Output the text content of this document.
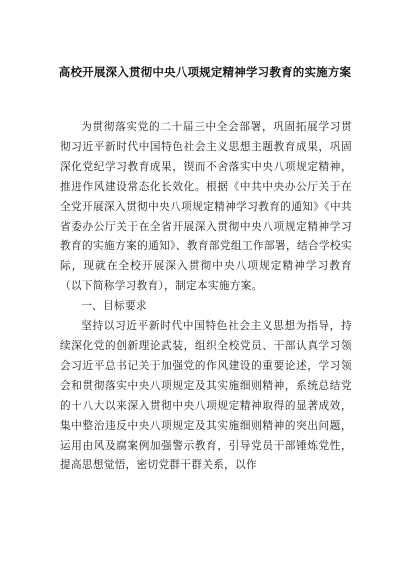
高校开展深入贯彻中央八项规定精神学习教育的实施方案

为贯彻落实党的二十届三中全会部署，巩固拓展学习贯彻习近平新时代中国特色社会主义思想主题教育成果，巩固深化党纪学习教育成果，锲而不舍落实中央八项规定精神，推进作风建设常态化长效化。根据《中共中央办公厅关于在全党开展深入贯彻中央八项规定精神学习教育的通知》《中共省委办公厅关于在全省开展深入贯彻中央八项规定精神学习教育的实施方案的通知》、教育部党组工作部署，结合学校实际，现就在全校开展深入贯彻中央八项规定精神学习教育（以下简称学习教育），制定本实施方案。

一、目标要求

坚持以习近平新时代中国特色社会主义思想为指导，持续深化党的创新理论武装，组织全校党员、干部认真学习领会习近平总书记关于加强党的作风建设的重要论述，学习领会和贯彻落实中央八项规定及其实施细则精神，系统总结党的十八大以来深入贯彻中央八项规定精神取得的显著成效，集中整治违反中央八项规定及其实施细则精神的突出问题，运用由风及腐案例加强警示教育，引导党员干部锤炼党性，提高思想觉悟，密切党群干群关系，以作
